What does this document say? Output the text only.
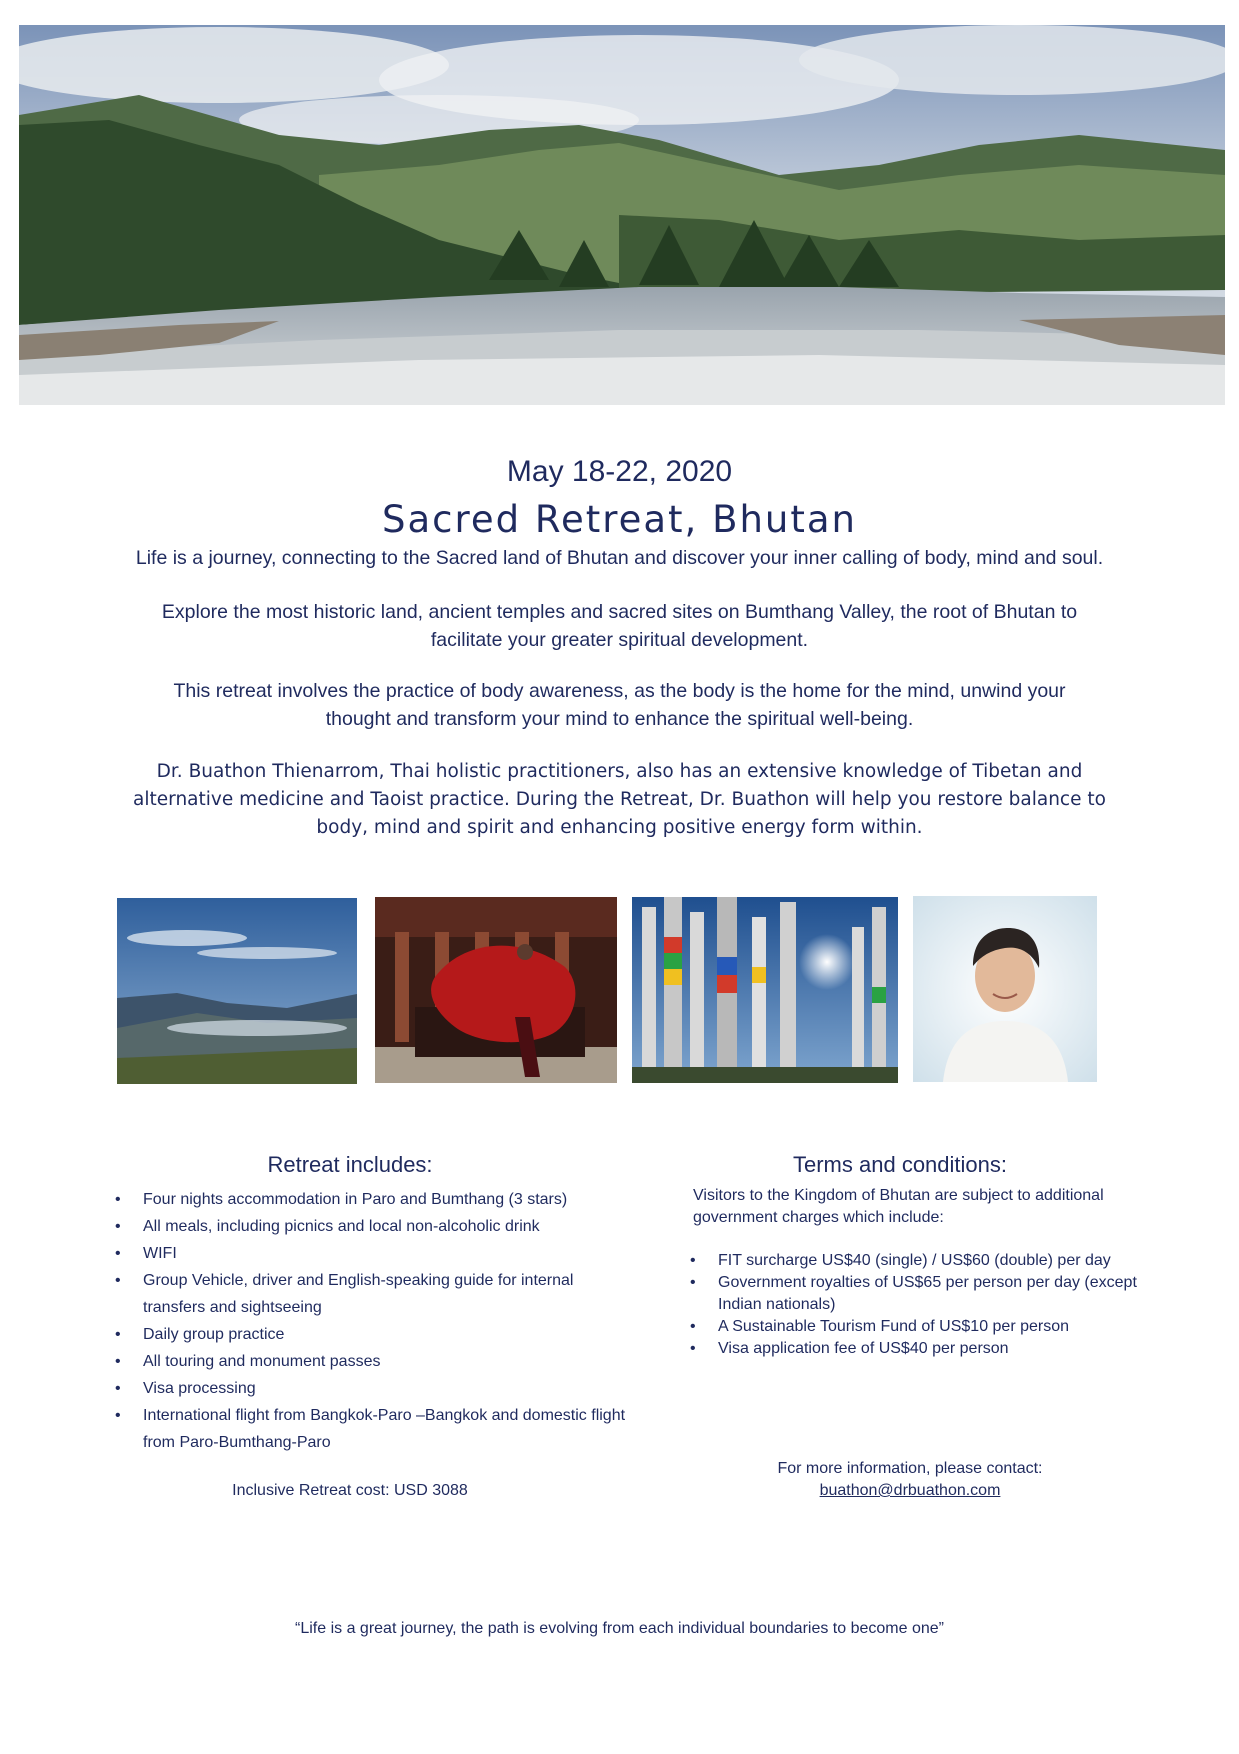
May 18-22, 2020
Sacred Retreat, Bhutan
Life is a journey, connecting to the Sacred land of Bhutan and discover your inner calling of body, mind and soul.
Explore the most historic land, ancient temples and sacred sites on Bumthang Valley, the root of Bhutan to
facilitate your greater spiritual development.
This retreat involves the practice of body awareness, as the body is the home for the mind, unwind your
thought and transform your mind to enhance the spiritual well-being.
Dr. Buathon Thienarrom, Thai holistic practitioners, also has an extensive knowledge of Tibetan and
alternative medicine and Taoist practice. During the Retreat, Dr. Buathon will help you restore balance to
body, mind and spirit and enhancing positive energy form within.
Retreat includes:
• Four nights accommodation in Paro and Bumthang (3 stars)
• All meals, including picnics and local non-alcoholic drink
• WIFI
• Group Vehicle, driver and English-speaking guide for internal transfers and sightseeing
• Daily group practice
• All touring and monument passes
• Visa processing
• International flight from Bangkok-Paro –Bangkok and domestic flight from Paro-Bumthang-Paro
Inclusive Retreat cost: USD 3088
Terms and conditions:
Visitors to the Kingdom of Bhutan are subject to additional government charges which include:
• FIT surcharge US$40 (single) / US$60 (double) per day
• Government royalties of US$65 per person per day (except Indian nationals)
• A Sustainable Tourism Fund of US$10 per person
• Visa application fee of US$40 per person
For more information, please contact:
buathon@drbuathon.com
“Life is a great journey, the path is evolving from each individual boundaries to become one”
